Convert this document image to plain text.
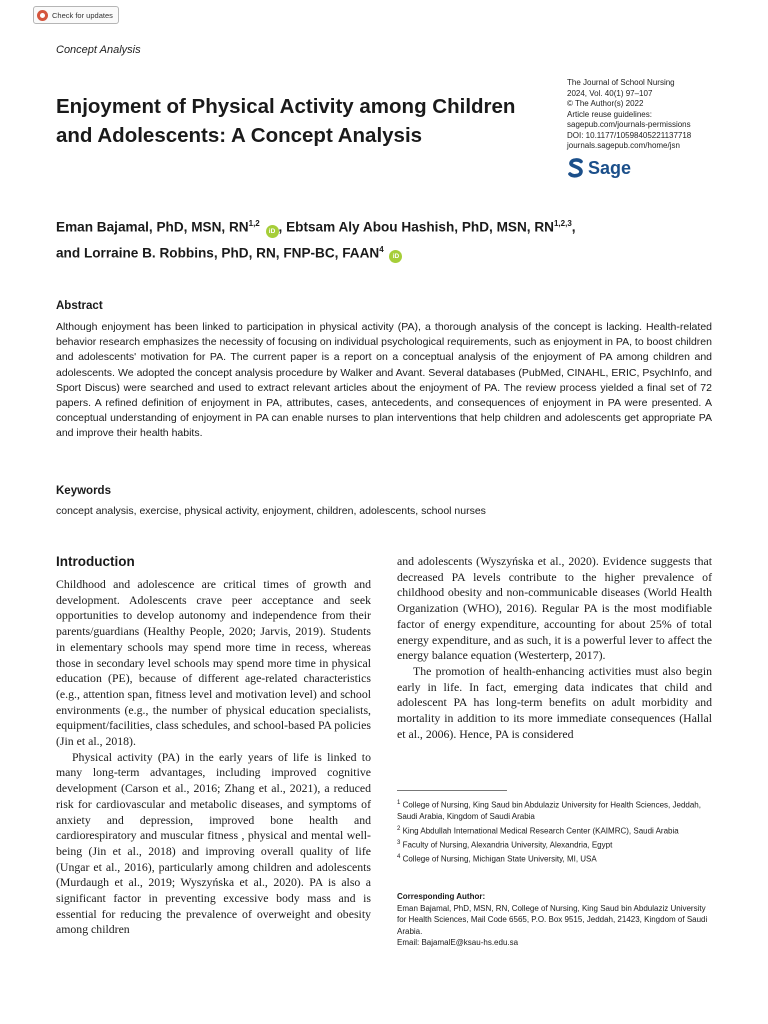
Check for updates
Concept Analysis
Enjoyment of Physical Activity among Children and Adolescents: A Concept Analysis
The Journal of School Nursing
2024, Vol. 40(1) 97–107
© The Author(s) 2022
Article reuse guidelines:
sagepub.com/journals-permissions
DOI: 10.1177/10598405221137718
journals.sagepub.com/home/jsn
Sage
Eman Bajamal, PhD, MSN, RN$^{1,2}$ iD , Ebtsam Aly Abou Hashish, PhD, MSN, RN$^{1,2,3}$,
and Lorraine B. Robbins, PhD, RN, FNP-BC, FAAN$^4$ iD
Abstract
Although enjoyment has been linked to participation in physical activity (PA), a thorough analysis of the concept is lacking. Health-related behavior research emphasizes the necessity of focusing on individual psychological requirements, such as enjoyment in PA, to boost children and adolescents' motivation for PA. The current paper is a report on a conceptual analysis of the enjoyment of PA among children and adolescents. We adopted the concept analysis procedure by Walker and Avant. Several databases (PubMed, CINAHL, ERIC, PsychInfo, and Sport Discus) were searched and used to extract relevant articles about the enjoyment of PA. The review process yielded a final set of 72 papers. A refined definition of enjoyment in PA, attributes, cases, antecedents, and consequences of enjoyment in PA were presented. A conceptual understanding of enjoyment in PA can enable nurses to plan interventions that help children and adolescents get appropriate PA and improve their health habits.
Keywords
concept analysis, exercise, physical activity, enjoyment, children, adolescents, school nurses
Introduction

Childhood and adolescence are critical times of growth and development. Adolescents crave peer acceptance and seek opportunities to develop autonomy and independence from their parents/guardians (Healthy People, 2020; Jarvis, 2019). Students in elementary schools may spend more time in recess, whereas those in secondary level schools may spend more time in physical education (PE), because of different age-related characteristics (e.g., attention span, fitness level and motivation level) and school environments (e.g., the number of physical education specialists, equipment/facilities, class schedules, and school-based PA policies (Jin et al., 2018).

Physical activity (PA) in the early years of life is linked to many long-term advantages, including improved cognitive development (Carson et al., 2016; Zhang et al., 2021), a reduced risk for cardiovascular and metabolic diseases, and symptoms of anxiety and depression, improved bone health and cardiorespiratory and muscular fitness , physical and mental well-being (Jin et al., 2018) and improving overall quality of life (Ungar et al., 2016), particularly among children and adolescents (Murdaugh et al., 2019; Wyszyńska et al., 2020). PA is also a significant factor in preventing excessive body mass and is essential for reducing the prevalence of overweight and obesity among children

and adolescents (Wyszyńska et al., 2020). Evidence suggests that decreased PA levels contribute to the higher prevalence of childhood obesity and non-communicable diseases (World Health Organization (WHO), 2016). Regular PA is the most modifiable factor of energy expenditure, accounting for about 25% of total energy expenditure, and as such, it is a powerful lever to affect the energy balance equation (Westerterp, 2017).

The promotion of health-enhancing activities must also begin early in life. In fact, emerging data indicates that child and adolescent PA has long-term benefits on adult morbidity and mortality in addition to its more immediate consequences (Hallal et al., 2006). Hence, PA is considered

$^1$ College of Nursing, King Saud bin Abdulaziz University for Health Sciences, Jeddah, Saudi Arabia, Kingdom of Saudi Arabia
$^2$ King Abdullah International Medical Research Center (KAIMRC), Saudi Arabia
$^3$ Faculty of Nursing, Alexandria University, Alexandria, Egypt
$^4$ College of Nursing, Michigan State University, MI, USA
Corresponding Author:
Eman Bajamal, PhD, MSN, RN, College of Nursing, King Saud bin Abdulaziz University for Health Sciences, Mail Code 6565, P.O. Box 9515, Jeddah, 21423, Kingdom of Saudi Arabia.
Email: BajamalE@ksau-hs.edu.sa
